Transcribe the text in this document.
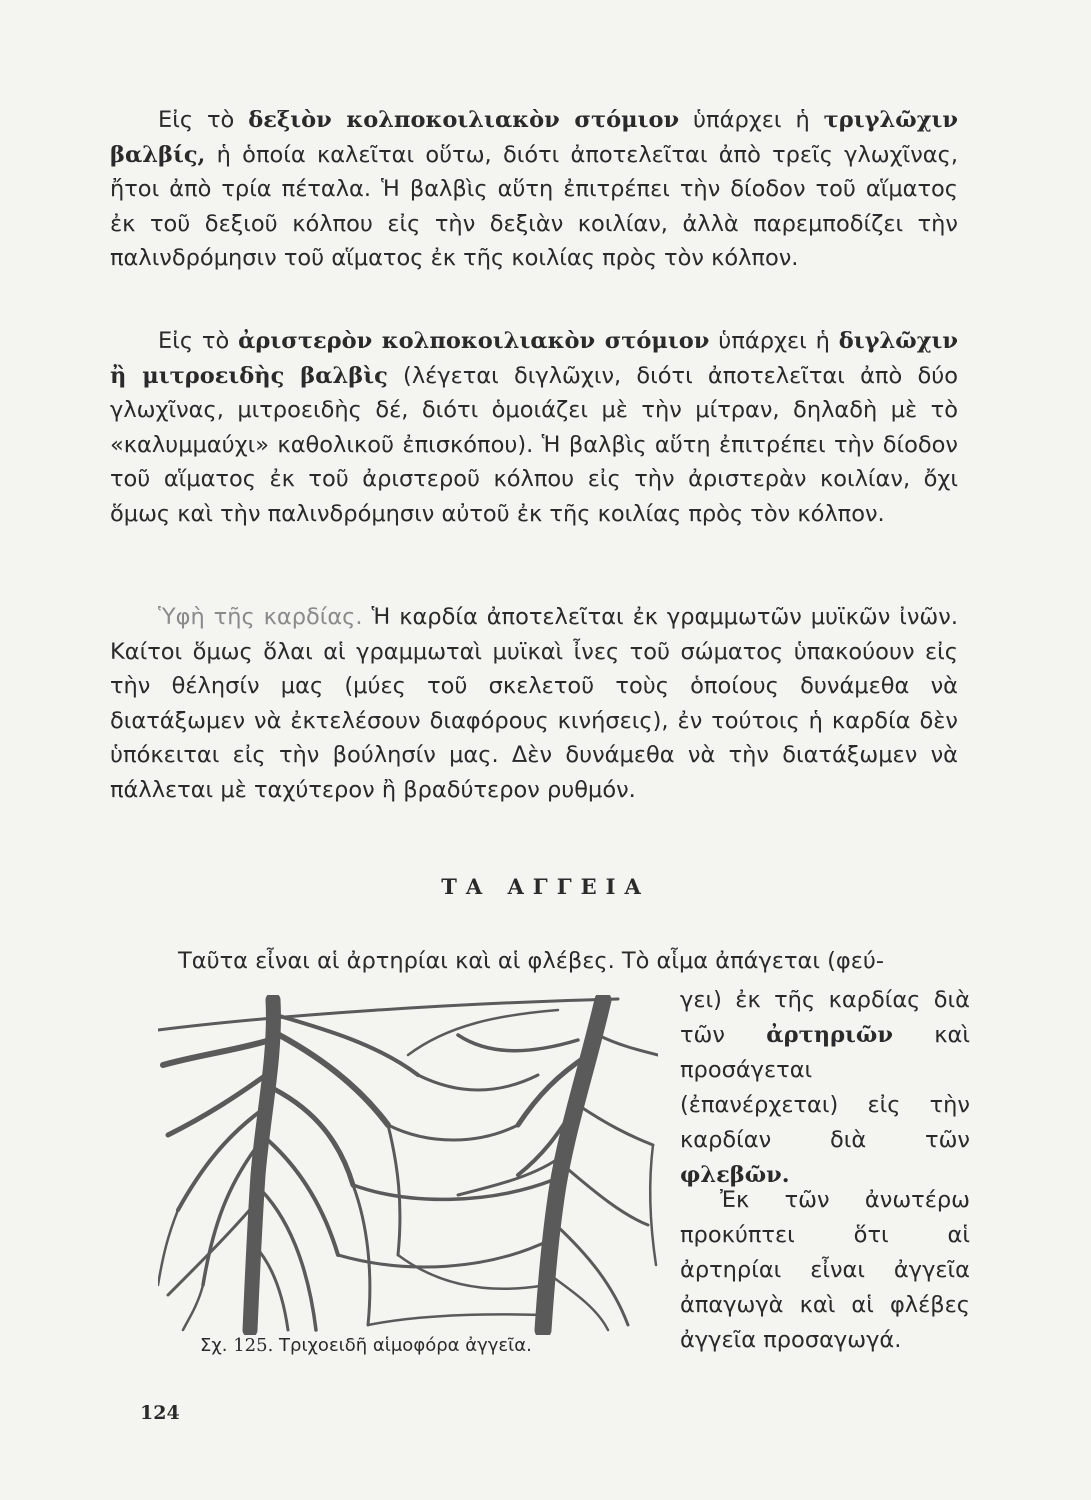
Εἰς τὸ δεξιὸν κολποκοιλιακὸν στόμιον ὑπάρχει ἡ τριγλῶχιν βαλβίς, ἡ ὁποία καλεῖται οὕτω, διότι ἀποτελεῖται ἀπὸ τρεῖς γλωχῖνας, ἤτοι ἀπὸ τρία πέταλα. Ἡ βαλβὶς αὕτη ἐπιτρέπει τὴν δίοδον τοῦ αἵματος ἐκ τοῦ δεξιοῦ κόλπου εἰς τὴν δεξιὰν κοιλίαν, ἀλλὰ παρεμποδίζει τὴν παλινδρόμησιν τοῦ αἵματος ἐκ τῆς κοιλίας πρὸς τὸν κόλπον.

Εἰς τὸ ἀριστερὸν κολποκοιλιακὸν στόμιον ὑπάρχει ἡ διγλῶχιν ἢ μιτροειδὴς βαλβὶς (λέγεται διγλῶχιν, διότι ἀποτελεῖται ἀπὸ δύο γλωχῖνας, μιτροειδὴς δέ, διότι ὁμοιάζει μὲ τὴν μίτραν, δηλαδὴ μὲ τὸ «καλυμμαύχι» καθολικοῦ ἐπισκόπου). Ἡ βαλβὶς αὕτη ἐπιτρέπει τὴν δίοδον τοῦ αἵματος ἐκ τοῦ ἀριστεροῦ κόλπου εἰς τὴν ἀριστερὰν κοιλίαν, ὄχι ὅμως καὶ τὴν παλινδρόμησιν αὐτοῦ ἐκ τῆς κοιλίας πρὸς τὸν κόλπον.

Ὑφὴ τῆς καρδίας. Ἡ καρδία ἀποτελεῖται ἐκ γραμμωτῶν μυϊκῶν ἰνῶν. Καίτοι ὅμως ὅλαι αἱ γραμμωταὶ μυϊκαὶ ἶνες τοῦ σώματος ὑπακούουν εἰς τὴν θέλησίν μας (μύες τοῦ σκελετοῦ τοὺς ὁποίους δυνάμεθα νὰ διατάξωμεν νὰ ἐκτελέσουν διαφόρους κινήσεις), ἐν τούτοις ἡ καρδία δὲν ὑπόκειται εἰς τὴν βούλησίν μας. Δὲν δυνάμεθα νὰ τὴν διατάξωμεν νὰ πάλλεται μὲ ταχύτερον ἢ βραδύτερον ρυθμόν.

ΤΑ ΑΓΓΕΙΑ

Ταῦτα εἶναι αἱ ἀρτηρίαι καὶ αἱ φλέβες. Τὸ αἷμα ἀπάγεται (φεύ-

Σχ. 125. Τριχοειδῆ αἱμοφόρα ἀγγεῖα.

γει) ἐκ τῆς καρδίας διὰ τῶν ἀρτηριῶν καὶ προσάγεται (ἐπανέρχεται) εἰς τὴν καρδίαν διὰ τῶν φλεβῶν.

Ἐκ τῶν ἀνωτέρω προκύπτει ὅτι αἱ ἀρτηρίαι εἶναι ἀγγεῖα ἀπαγωγὰ καὶ αἱ φλέβες ἀγγεῖα προσαγωγά.

124
